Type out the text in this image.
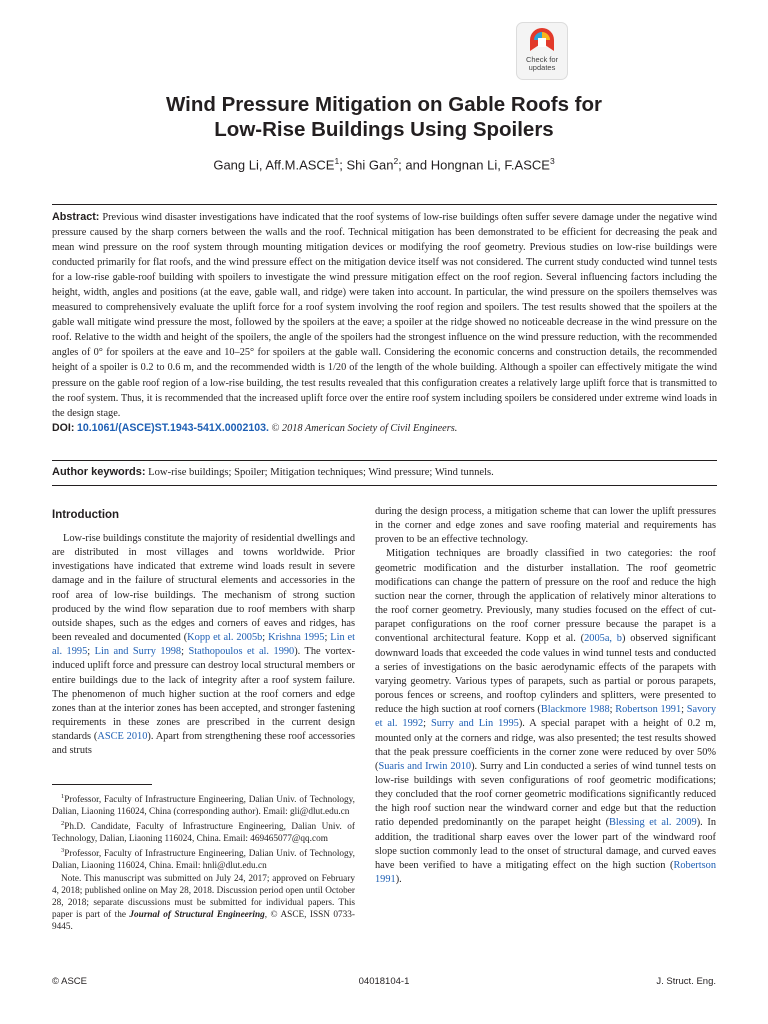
Check for
updates
Wind Pressure Mitigation on Gable Roofs for
Low-Rise Buildings Using Spoilers
Gang Li, Aff.M.ASCE$^1$; Shi Gan$^2$; and Hongnan Li, F.ASCE$^3$
Abstract: Previous wind disaster investigations have indicated that the roof systems of low-rise buildings often suffer severe damage under the negative wind pressure caused by the sharp corners between the walls and the roof. Technical mitigation has been demonstrated to be efficient for decreasing the peak and mean wind pressure on the roof system through mounting mitigation devices or modifying the roof geometry. Previous studies on low-rise buildings were conducted primarily for flat roofs, and the wind pressure effect on the mitigation device itself was not considered. The current study conducted wind tunnel tests for a low-rise gable-roof building with spoilers to investigate the wind pressure mitigation effect on the roof region. Several influencing factors including the height, width, angles and positions (at the eave, gable wall, and ridge) were taken into account. In particular, the wind pressure on the spoilers themselves was measured to comprehensively evaluate the uplift force for a roof system involving the roof region and spoilers. The test results showed that the spoilers at the gable wall mitigate wind pressure the most, followed by the spoilers at the eave; a spoiler at the ridge showed no noticeable decrease in the wind pressure on the roof. Relative to the width and height of the spoilers, the angle of the spoilers had the strongest influence on the wind pressure reduction, with the recommended angles of 0° for spoilers at the eave and 10–25° for spoilers at the gable wall. Considering the economic concerns and construction details, the recommended height of a spoiler is 0.2 to 0.6 m, and the recommended width is 1/20 of the length of the whole building. Although a spoiler can effectively mitigate the wind pressure on the gable roof region of a low-rise building, the test results revealed that this configuration creates a relatively large uplift force that is transmitted to the roof system. Thus, it is recommended that the increased uplift force over the entire roof system including spoilers be considered under extreme wind loads in the design stage.
DOI: 10.1061/(ASCE)ST.1943-541X.0002103. © 2018 American Society of Civil Engineers.
Author keywords: Low-rise buildings; Spoiler; Mitigation techniques; Wind pressure; Wind tunnels.
Introduction

Low-rise buildings constitute the majority of residential dwellings and are distributed in most villages and towns worldwide. Prior investigations have indicated that extreme wind loads result in severe damage and in the failure of structural elements and accessories in the roof area of low-rise buildings. The mechanism of strong suction produced by the wind flow separation due to roof members with sharp outside shapes, such as the edges and corners of eaves and ridges, has been revealed and documented (Kopp et al. 2005b; Krishna 1995; Lin et al. 1995; Lin and Surry 1998; Stathopoulos et al. 1990). The vortex-induced uplift force and pressure can destroy local structural members or entire buildings due to the lack of integrity after a roof system failure. The phenomenon of much higher suction at the roof corners and edge zones than at the interior zones has been accepted, and stronger fastening requirements in these zones are prescribed in the current design standards (ASCE 2010). Apart from strengthening these roof accessories and struts

$^1$Professor, Faculty of Infrastructure Engineering, Dalian Univ. of Technology, Dalian, Liaoning 116024, China (corresponding author). Email: gli@dlut.edu.cn

$^2$Ph.D. Candidate, Faculty of Infrastructure Engineering, Dalian Univ. of Technology, Dalian, Liaoning 116024, China. Email: 469465077@qq.com

$^3$Professor, Faculty of Infrastructure Engineering, Dalian Univ. of Technology, Dalian, Liaoning 116024, China. Email: hnli@dlut.edu.cn

Note. This manuscript was submitted on July 24, 2017; approved on February 4, 2018; published online on May 28, 2018. Discussion period open until October 28, 2018; separate discussions must be submitted for individual papers. This paper is part of the Journal of Structural Engineering, © ASCE, ISSN 0733-9445.

during the design process, a mitigation scheme that can lower the uplift pressures in the corner and edge zones and save roofing material and requirements has proven to be an effective technology.

Mitigation techniques are broadly classified in two categories: the roof geometric modification and the disturber installation. The roof geometric modifications can change the pattern of pressure on the roof and reduce the high suction near the corner, through the application of relatively minor alterations to the roof corner geometry. Previously, many studies focused on the effect of cut-parapet configurations on the roof corner pressure because the parapet is a conventional architectural feature. Kopp et al. (2005a, b) observed significant downward loads that exceeded the code values in wind tunnel tests and conducted a series of investigations on the basic aerodynamic effects of the parapets with varying geometry. Various types of parapets, such as partial or porous parapets, porous fences or screens, and rooftop cylinders and splitters, were presented to reduce the high suction at roof corners (Blackmore 1988; Robertson 1991; Savory et al. 1992; Surry and Lin 1995). A special parapet with a height of 0.2 m, mounted only at the corners and ridge, was also presented; the test results showed that the peak pressure coefficients in the corner zone were reduced by over 50% (Suaris and Irwin 2010). Surry and Lin conducted a series of wind tunnel tests on low-rise buildings with seven configurations of roof geometric modifications; they concluded that the roof corner geometric modifications significantly reduced the high roof suction near the windward corner and edge but that the reduction ratio depended predominantly on the parapet height (Blessing et al. 2009). In addition, the traditional sharp eaves over the lower part of the windward roof slope suction commonly lead to the onset of structural damage, and curved eaves have been verified to have a mitigating effect on the high suction (Robertson 1991).

© ASCE	04018104-1	J. Struct. Eng.
